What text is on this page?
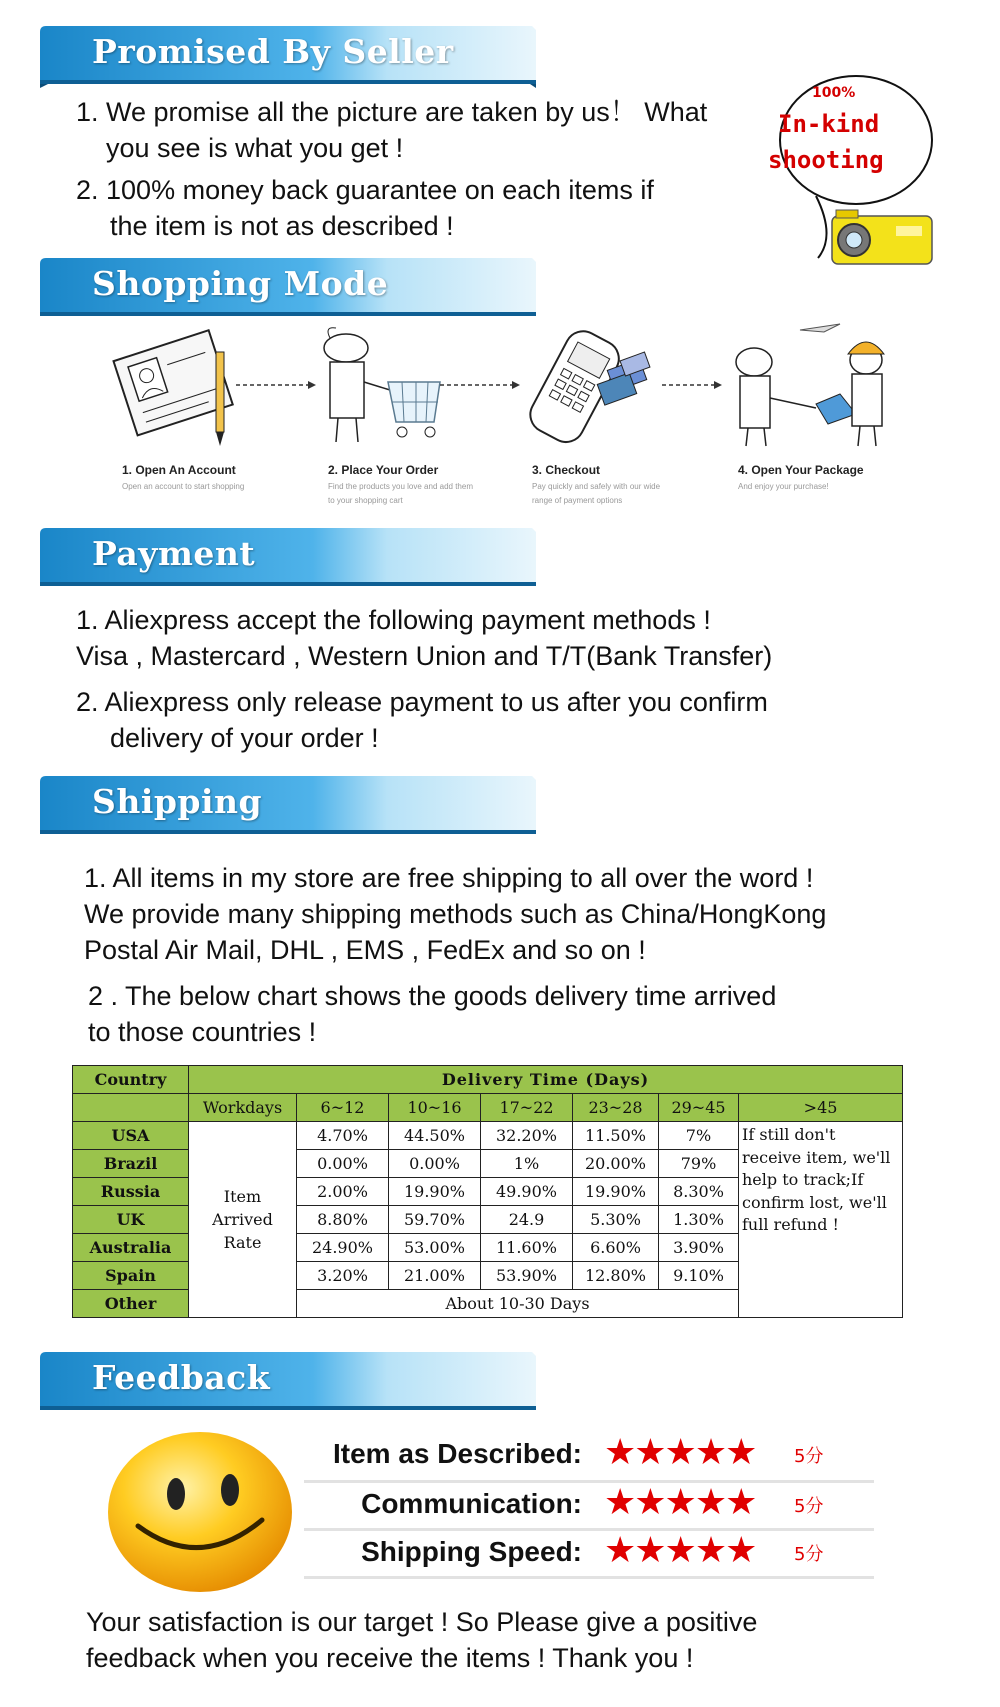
Promised By Seller
1. We promise all the picture are taken by us！ What
you see is what you get !
2. 100% money back guarantee on each items if
the item is not as described !
100%
In-kind
shooting
Shopping Mode
1. Open An Account
Open an account to start shopping
2. Place Your Order
Find the products you love and add them to your shopping cart
3. Checkout
Pay quickly and safely with our wide range of payment options
4. Open Your Package
And enjoy your purchase!
Payment
1. Aliexpress accept the following payment methods !
Visa , Mastercard , Western Union and T/T(Bank Transfer)
2. Aliexpress only release payment to us after you confirm
delivery of your order !
Shipping
1. All items in my store are free shipping to all over the word !
We provide many shipping methods such as China/HongKong
Postal Air Mail, DHL , EMS , FedEx and so on !
2 . The below chart shows the goods delivery time arrived
to those countries !
Country	Delivery Time (Days)						
	Workdays	6~12	10~16	17~22	23~28	29~45	>45
USA	Item Arrived Rate	4.70%	44.50%	32.20%	11.50%	7%	If still don't receive item, we'll help to track;If confirm lost, we'll full refund !
Brazil		0.00%	0.00%	1%	20.00%	79%	
Russia		2.00%	19.90%	49.90%	19.90%	8.30%	
UK		8.80%	59.70%	24.9	5.30%	1.30%	
Australia		24.90%	53.00%	11.60%	6.60%	3.90%	
Spain		3.20%	21.00%	53.90%	12.80%	9.10%	
Other		About 10-30 Days					
Feedback
Item as Described: ★★★★★ 5分
Communication: ★★★★★ 5分
Shipping Speed: ★★★★★ 5分
Your satisfaction is our target ! So Please give a positive
feedback when you receive the items ! Thank you !
